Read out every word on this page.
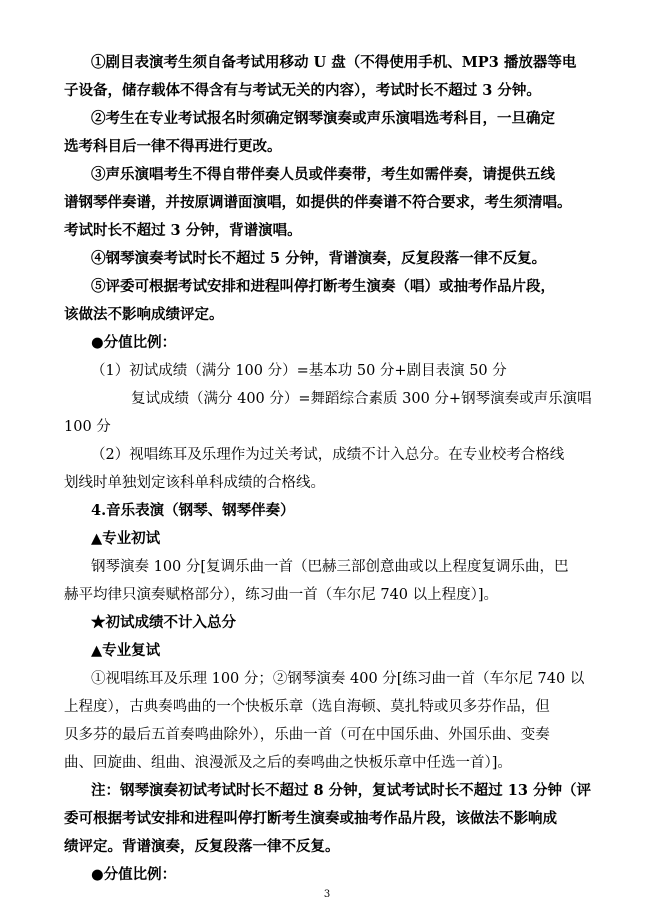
①剧目表演考生须自备考试用移动 U 盘（不得使用手机、MP3 播放器等电
子设备，储存载体不得含有与考试无关的内容），考试时长不超过 3 分钟。
②考生在专业考试报名时须确定钢琴演奏或声乐演唱选考科目，一旦确定
选考科目后一律不得再进行更改。
③声乐演唱考生不得自带伴奏人员或伴奏带，考生如需伴奏，请提供五线
谱钢琴伴奏谱，并按原调谱面演唱，如提供的伴奏谱不符合要求，考生须清唱。
考试时长不超过 3 分钟，背谱演唱。
④钢琴演奏考试时长不超过 5 分钟，背谱演奏，反复段落一律不反复。
⑤评委可根据考试安排和进程叫停打断考生演奏（唱）或抽考作品片段，
该做法不影响成绩评定。
●分值比例：
（1）初试成绩（满分 100 分）=基本功 50 分+剧目表演 50 分
复试成绩（满分 400 分）=舞蹈综合素质 300 分+钢琴演奏或声乐演唱
100 分
（2）视唱练耳及乐理作为过关考试，成绩不计入总分。在专业校考合格线
划线时单独划定该科单科成绩的合格线。
4.音乐表演（钢琴、钢琴伴奏）
▲专业初试
钢琴演奏 100 分[复调乐曲一首（巴赫三部创意曲或以上程度复调乐曲，巴
赫平均律只演奏赋格部分），练习曲一首（车尔尼 740 以上程度）]。
★初试成绩不计入总分
▲专业复试
①视唱练耳及乐理 100 分；②钢琴演奏 400 分[练习曲一首（车尔尼 740 以
上程度），古典奏鸣曲的一个快板乐章（选自海顿、莫扎特或贝多芬作品，但
贝多芬的最后五首奏鸣曲除外），乐曲一首（可在中国乐曲、外国乐曲、变奏
曲、回旋曲、组曲、浪漫派及之后的奏鸣曲之快板乐章中任选一首）]。
注：钢琴演奏初试考试时长不超过 8 分钟，复试考试时长不超过 13 分钟（评
委可根据考试安排和进程叫停打断考生演奏或抽考作品片段，该做法不影响成
绩评定。背谱演奏，反复段落一律不反复。
●分值比例：
3
